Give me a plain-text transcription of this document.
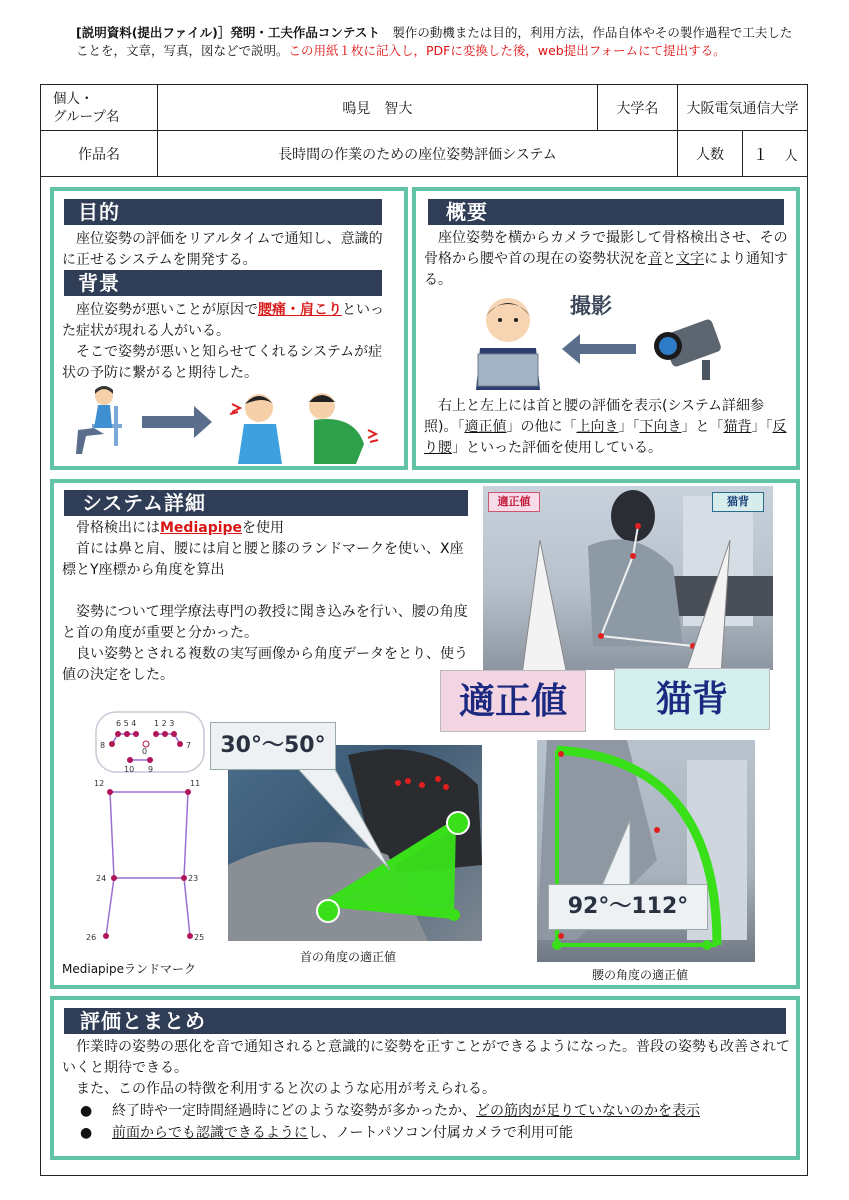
[説明資料(提出ファイル)］発明・工夫作品コンテスト　製作の動機または目的，利用方法，作品自体やその製作過程で工夫したことを，文章，写真，図などで説明。この用紙１枚に記入し，PDFに変換した後，web提出フォームにて提出する。
個人・
グループ名	鳴見　智大	大学名	大阪電気通信大学	
作品名	長時間の作業のための座位姿勢評価システム		人数	１　 人
目的
　座位姿勢の評価をリアルタイムで通知し、意識的に正せるシステムを開発する。
背景
　座位姿勢が悪いことが原因で腰痛・肩こりといった症状が現れる人がいる。
　そこで姿勢が悪いと知らせてくれるシステムが症状の予防に繋がると期待した。
概要
　座位姿勢を横からカメラで撮影して骨格検出させ、その骨格から腰や首の現在の姿勢状況を音と文字により通知する。
撮影
　右上と左上には首と腰の評価を表示(システム詳細参照)。「適正値」の他に「上向き」「下向き」と「猫背」「反り腰」といった評価を使用している。
システム詳細
　骨格検出にはMediapipeを使用
　首には鼻と肩、腰には肩と腰と膝のランドマークを使い、X座標とY座標から角度を算出

　姿勢について理学療法専門の教授に聞き込みを行い、腰の角度と首の角度が重要と分かった。
　良い姿勢とされる複数の実写画像から角度データをとり、使う値の決定をした。
適正値	猫背
適正値	猫背
6 5 4 1 2 3
0
8	7
10 9
12	11
24	23
26	25
Mediapipeランドマーク
30°～50°
首の角度の適正値
92°～112°
腰の角度の適正値
評価とまとめ
　作業時の姿勢の悪化を音で通知されると意識的に姿勢を正すことができるようになった。普段の姿勢も改善されていくと期待できる。
　また、この作品の特徴を利用すると次のような応用が考えられる。
● 終了時や一定時間経過時にどのような姿勢が多かったか、どの筋肉が足りていないのかを表示
● 前面からでも認識できるようにし、ノートパソコン付属カメラで利用可能
